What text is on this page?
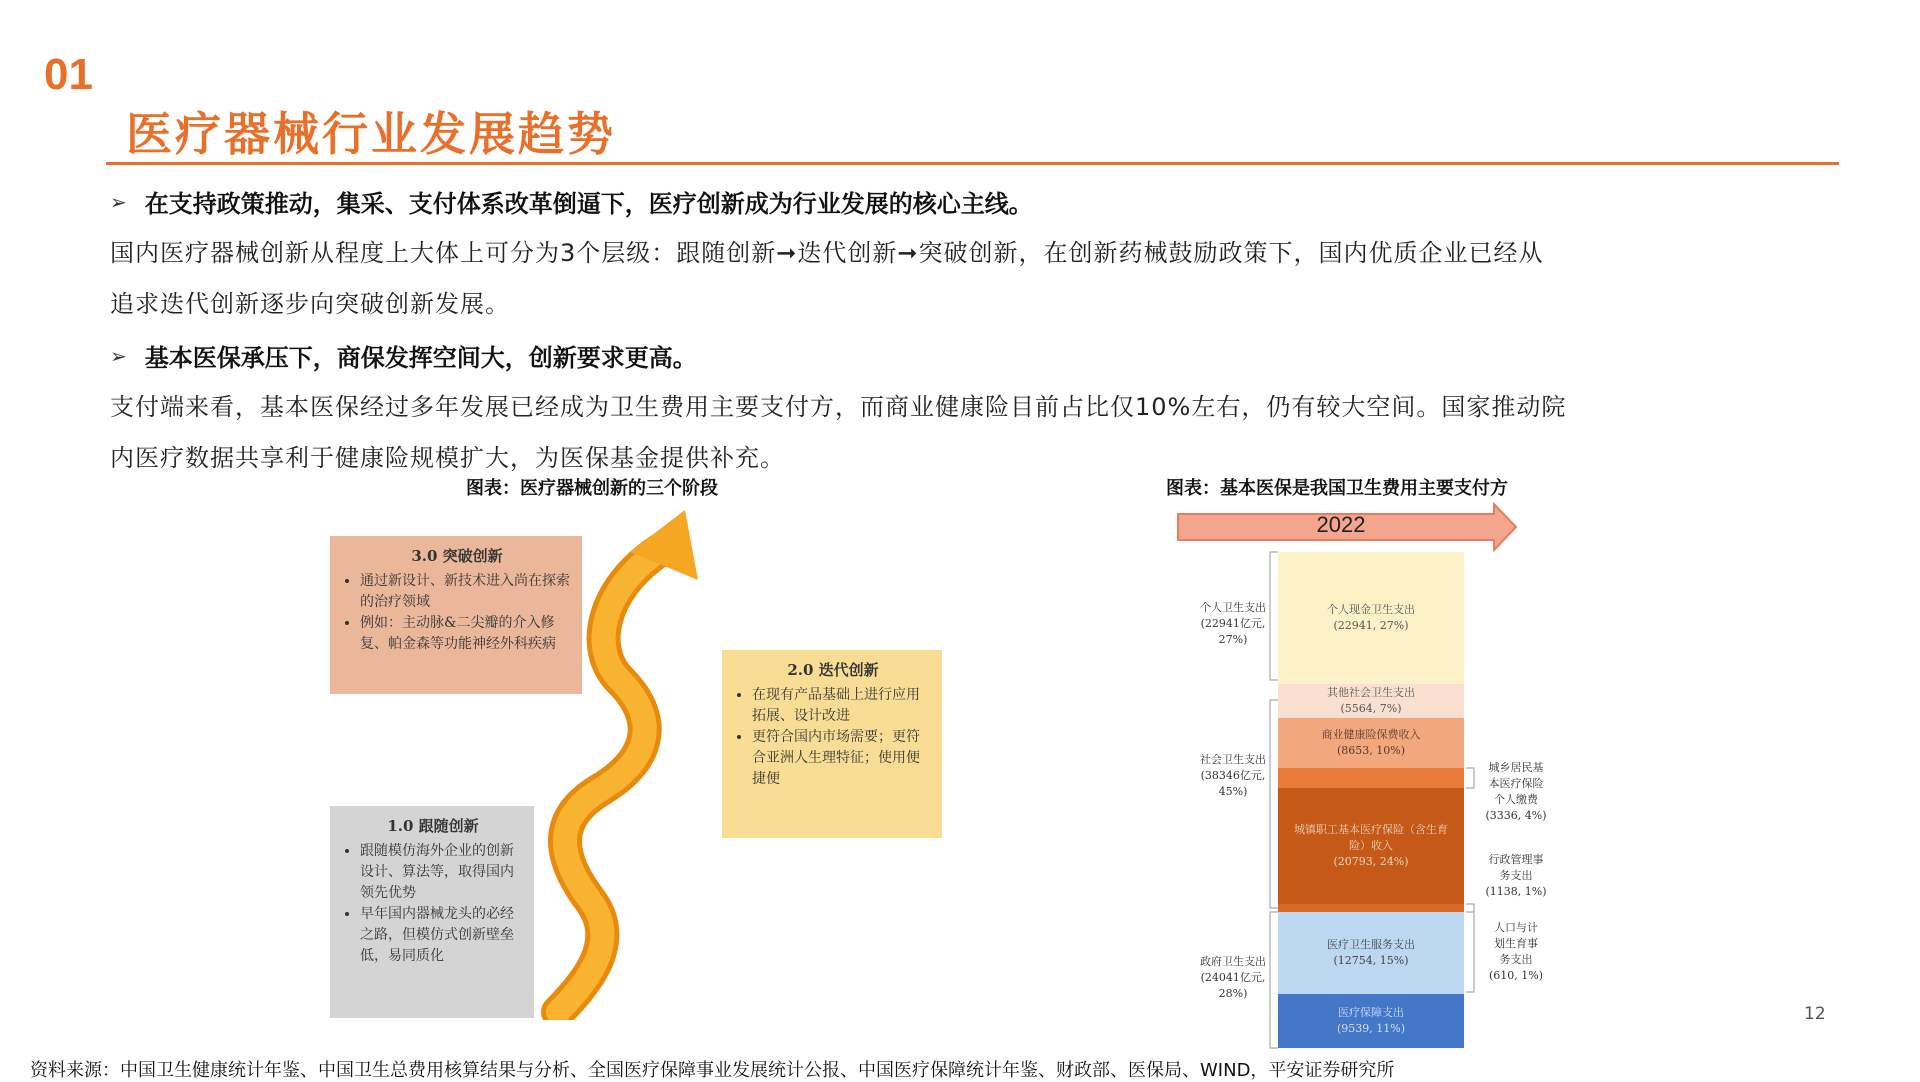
01
医疗器械行业发展趋势
➢ 在支持政策推动，集采、支付体系改革倒逼下，医疗创新成为行业发展的核心主线。
国内医疗器械创新从程度上大体上可分为3个层级：跟随创新➞迭代创新➞突破创新，在创新药械鼓励政策下，国内优质企业已经从
追求迭代创新逐步向突破创新发展。
➢ 基本医保承压下，商保发挥空间大，创新要求更高。
支付端来看，基本医保经过多年发展已经成为卫生费用主要支付方，而商业健康险目前占比仅10%左右，仍有较大空间。国家推动院
内医疗数据共享利于健康险规模扩大，为医保基金提供补充。
图表：医疗器械创新的三个阶段
3.0 突破创新
• 通过新设计、新技术进入尚在探索的治疗领域
• 例如：主动脉&二尖瓣的介入修复、帕金森等功能神经外科疾病
2.0 迭代创新
• 在现有产品基础上进行应用拓展、设计改进
• 更符合国内市场需要；更符合亚洲人生理特征；使用便捷便
1.0 跟随创新
• 跟随模仿海外企业的创新设计、算法等，取得国内领先优势
• 早年国内器械龙头的必经之路，但模仿式创新壁垒低，易同质化
图表：基本医保是我国卫生费用主要支付方
2022
个人现金卫生支出
(22941, 27%)
其他社会卫生支出
(5564, 7%)
商业健康险保费收入
(8653, 10%)
城镇职工基本医疗保险（含生育险）收入
(20793, 24%)
医疗卫生服务支出
(12754, 15%)
医疗保障支出
(9539, 11%)
个人卫生支出
(22941亿元,
27%)
社会卫生支出
(38346亿元,
45%)
政府卫生支出
(24041亿元,
28%)
城乡居民基
本医疗保险
个人缴费
(3336, 4%)
行政管理事
务支出
(1138, 1%)
人口与计
划生育事
务支出
(610, 1%)
12
资料来源：中国卫生健康统计年鉴、中国卫生总费用核算结果与分析、全国医疗保障事业发展统计公报、中国医疗保障统计年鉴、财政部、医保局、WIND，平安证券研究所
